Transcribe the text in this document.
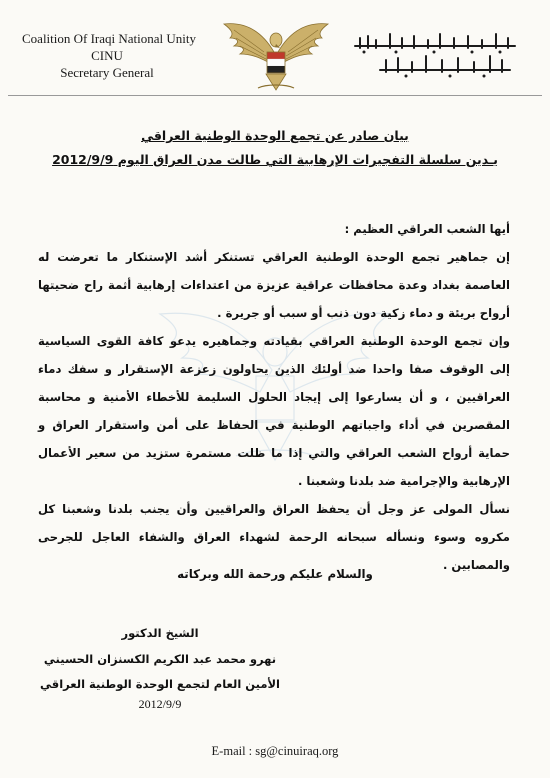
Coalition Of Iraqi National Unity
CINU
Secretary General
بيان صادر عن تجمع الوحدة الوطنية العراقي
يـدين سلسلة التفجيرات الإرهابية التي طالت مدن العراق اليوم 2012/9/9

أيها الشعب العراقي العظيم :

إن جماهير تجمع الوحدة الوطنية العراقي تستنكر أشد الإستنكار ما تعرضت له العاصمة بغداد وعدة محافظات عراقية عزيزة من اعتداءات إرهابية أثمة راح ضحيتها أرواح بريئة و دماء زكية دون ذنب أو سبب أو جريرة .

وإن تجمع الوحدة الوطنية العراقي بقيادته وجماهيره يدعو كافة القوى السياسية إلى الوقوف صفا واحدا ضد أولئك الذين يحاولون زعزعة الإستقرار و سفك دماء العراقيين ، و أن يسارعوا إلى إيجاد الحلول السليمة للأخطاء الأمنية و محاسبة المقصرين في أداء واجباتهم الوطنية في الحفاظ على أمن واستقرار العراق و حماية أرواح الشعب العراقي والتي إذا ما ظلت مستمرة ستزيد من سعير الأعمال الإرهابية والإجرامية ضد بلدنا وشعبنا .

نسأل المولى عز وجل أن يحفظ العراق والعراقيين وأن يجنب بلدنا وشعبنا كل مكروه وسوء ونسأله سبحانه الرحمة لشهداء العراق والشفاء العاجل للجرحى والمصابين .

والسلام عليكم ورحمة الله وبركاته
الشيخ الدكتور
نهرو محمد عبد الكريم الكسنزان الحسيني
الأمين العام لتجمع الوحدة الوطنية العراقي
2012/9/9
E-mail : sg@cinuiraq.org
